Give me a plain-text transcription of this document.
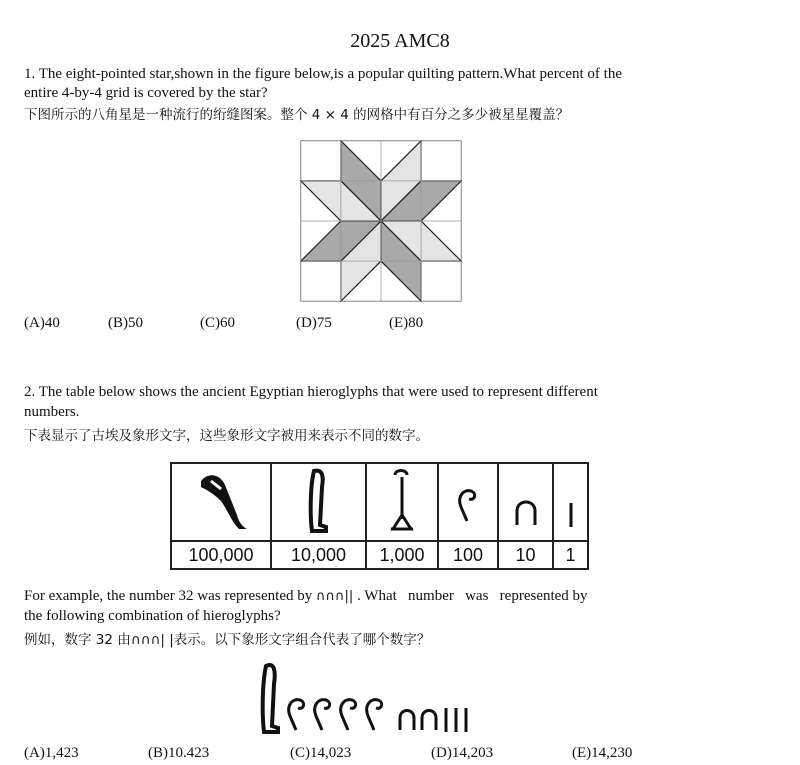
2025 AMC8
1. The eight-pointed star,shown in the figure below,is a popular quilting pattern.What percent of the
entire 4-by-4 grid is covered by the star?
下图所示的八角星是一种流行的绗缝图案。整个 4 × 4 的网格中有百分之多少被星星覆盖？
(A)40	(B)50	(C)60	(D)75	(E)80
2. The table below shows the ancient Egyptian hieroglyphs that were used to represent different
numbers.
下表显示了古埃及象形文字，这些象形文字被用来表示不同的数字。

100,000	10,000	1,000	100	10	1
For example, the number 32 was represented by ∩∩∩|| . What   number   was   represented by
the following combination of hieroglyphs?
例如，数字 32 由∩∩∩| |表示。以下象形文字组合代表了哪个数字？
(A)1,423	(B)10.423	(C)14,023	(D)14,203	(E)14,230
